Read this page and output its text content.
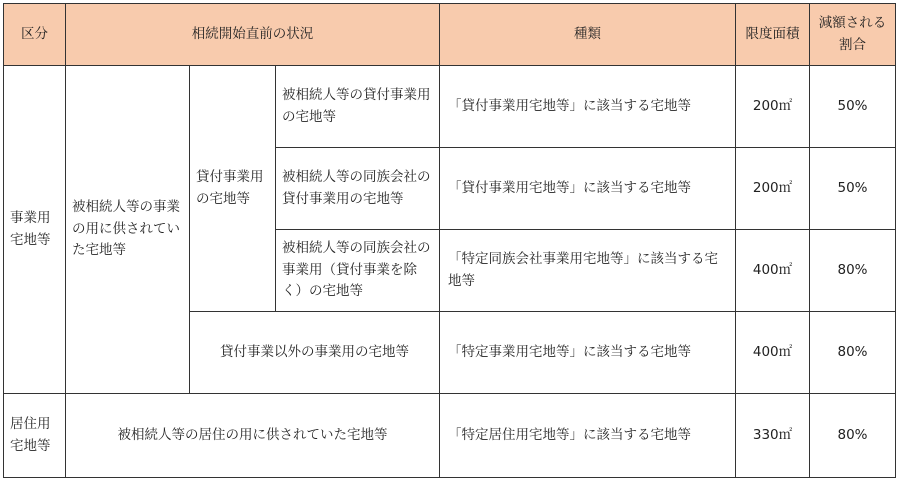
区分	相続開始直前の状況			種類	限度面積	減額される割合
事業用宅地等	被相続人等の事業の用に供されていた宅地等	貸付事業用の宅地等	被相続人等の貸付事業用の宅地等	「貸付事業用宅地等」に該当する宅地等	200㎡	50%
			被相続人等の同族会社の貸付事業用の宅地等	「貸付事業用宅地等」に該当する宅地等	200㎡	50%
			被相続人等の同族会社の事業用（貸付事業を除く）の宅地等	「特定同族会社事業用宅地等」に該当する宅地等	400㎡	80%
		貸付事業以外の事業用の宅地等		「特定事業用宅地等」に該当する宅地等	400㎡	80%
居住用宅地等	被相続人等の居住の用に供されていた宅地等			「特定居住用宅地等」に該当する宅地等	330㎡	80%
